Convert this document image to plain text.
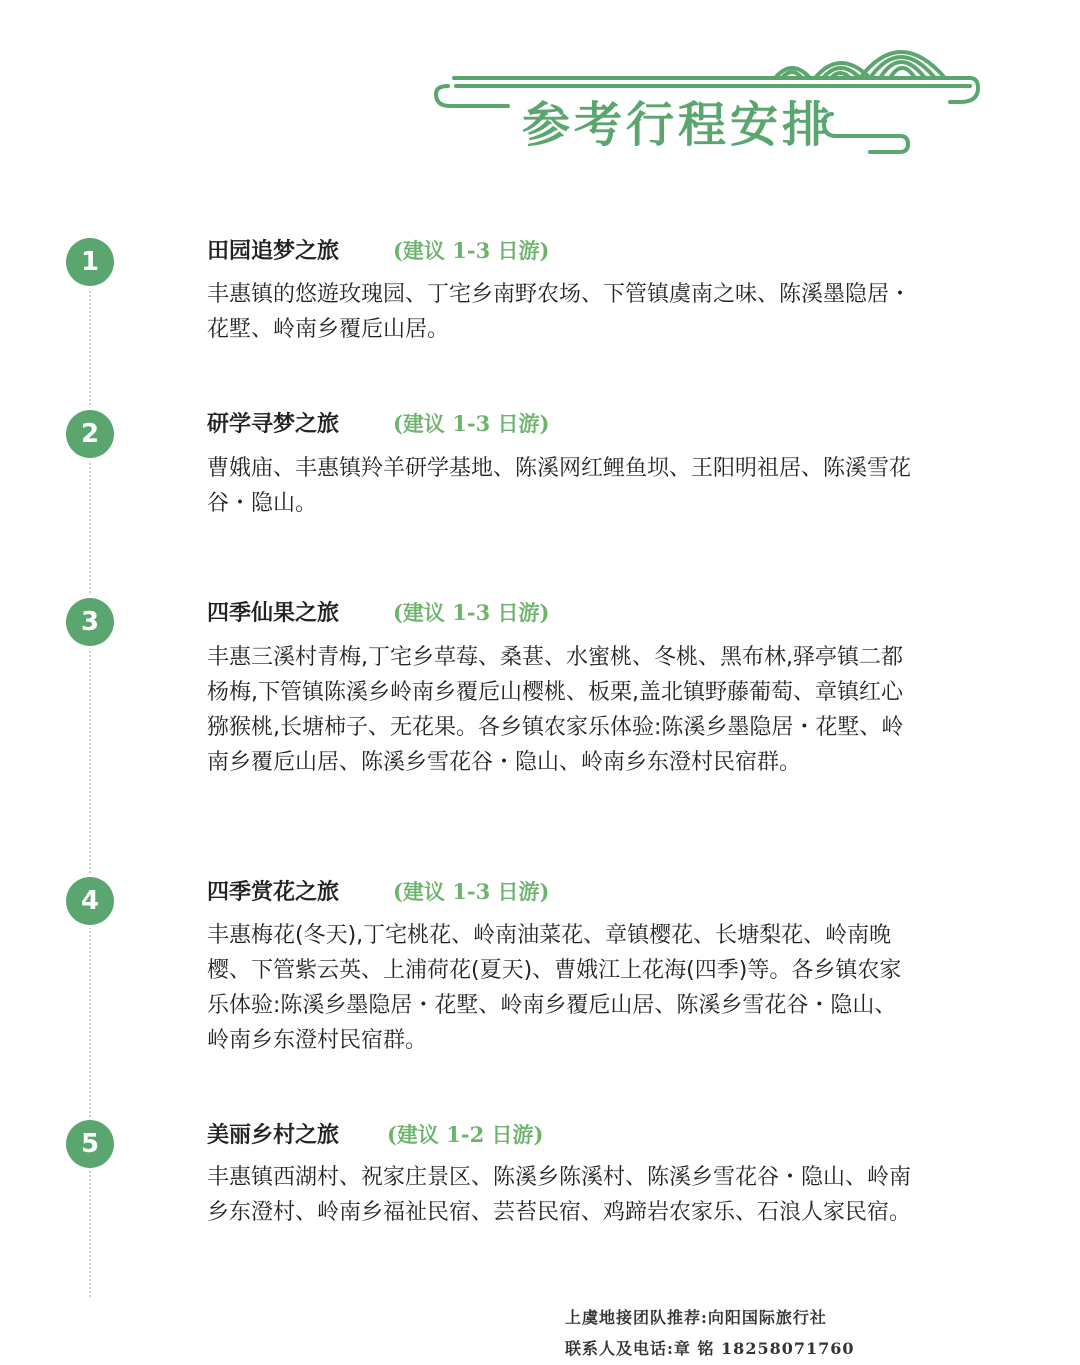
参考行程安排
1	田园追梦之旅	(建议 1-3 日游)
丰惠镇的悠遊玫瑰园、丁宅乡南野农场、下管镇虞南之味、陈溪墨隐居・花墅、岭南乡覆卮山居。
2	研学寻梦之旅	(建议 1-3 日游)
曹娥庙、丰惠镇羚羊研学基地、陈溪网红鲤鱼坝、王阳明祖居、陈溪雪花谷・隐山。
3	四季仙果之旅	(建议 1-3 日游)
丰惠三溪村青梅,丁宅乡草莓、桑葚、水蜜桃、冬桃、黑布林,驿亭镇二都杨梅,下管镇陈溪乡岭南乡覆卮山樱桃、板栗,盖北镇野藤葡萄、章镇红心猕猴桃,长塘柿子、无花果。各乡镇农家乐体验:陈溪乡墨隐居・花墅、岭南乡覆卮山居、陈溪乡雪花谷・隐山、岭南乡东澄村民宿群。
4	四季赏花之旅	(建议 1-3 日游)
丰惠梅花(冬天),丁宅桃花、岭南油菜花、章镇樱花、长塘梨花、岭南晚樱、下管紫云英、上浦荷花(夏天)、曹娥江上花海(四季)等。各乡镇农家乐体验:陈溪乡墨隐居・花墅、岭南乡覆卮山居、陈溪乡雪花谷・隐山、岭南乡东澄村民宿群。
5	美丽乡村之旅 (建议 1-2 日游)
丰惠镇西湖村、祝家庄景区、陈溪乡陈溪村、陈溪乡雪花谷・隐山、岭南乡东澄村、岭南乡福祉民宿、芸苔民宿、鸡蹄岩农家乐、石浪人家民宿。
上虞地接团队推荐:向阳国际旅行社
联系人及电话:章 铭 18258071760
